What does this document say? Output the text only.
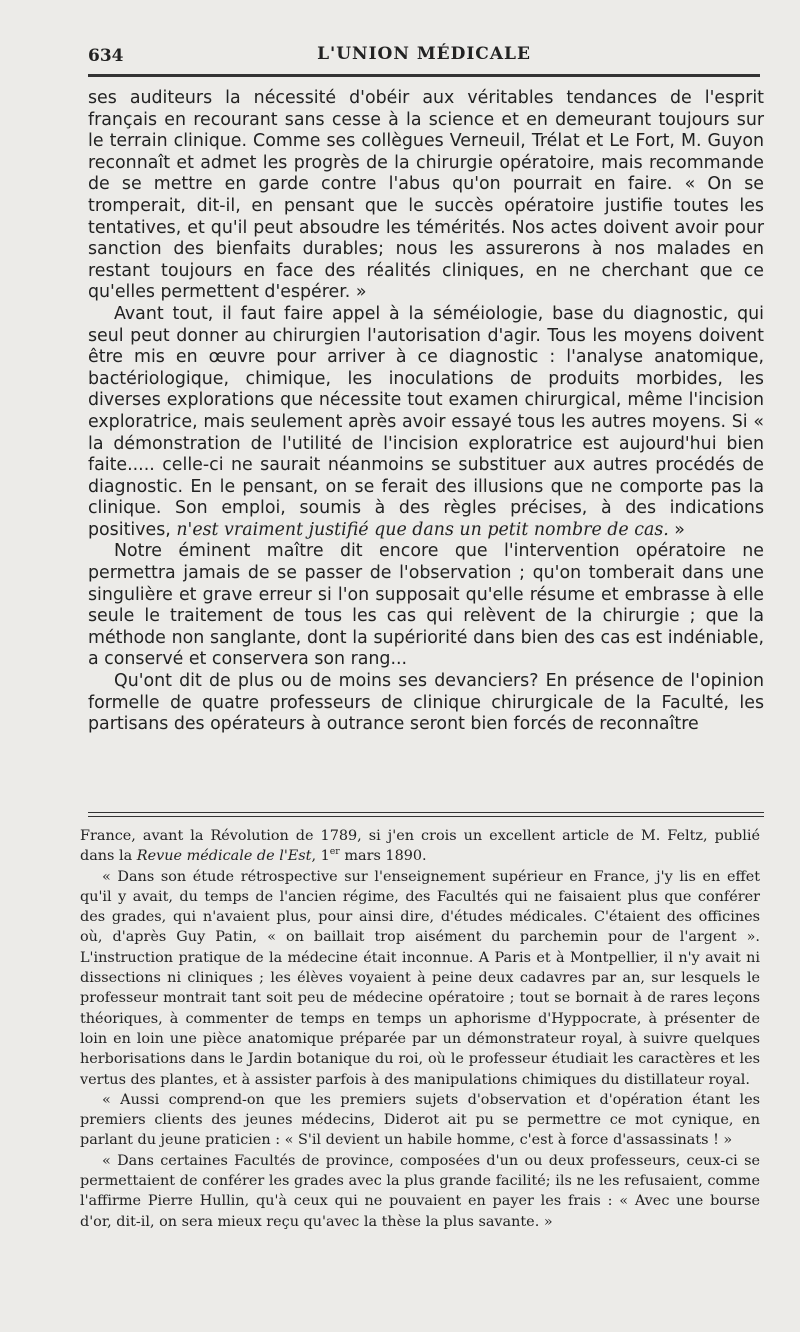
634	L'UNION MÉDICALE

ses auditeurs la nécessité d'obéir aux véritables tendances de l'esprit français en recourant sans cesse à la science et en demeurant toujours sur le terrain clinique. Comme ses collègues Verneuil, Trélat et Le Fort, M. Guyon reconnaît et admet les progrès de la chirurgie opératoire, mais recommande de se mettre en garde contre l'abus qu'on pourrait en faire. « On se tromperait, dit-il, en pensant que le succès opératoire justifie toutes les tentatives, et qu'il peut absoudre les témérités. Nos actes doivent avoir pour sanction des bienfaits durables; nous les assurerons à nos malades en restant toujours en face des réalités cliniques, en ne cherchant que ce qu'elles permettent d'espérer. »

Avant tout, il faut faire appel à la séméiologie, base du diagnostic, qui seul peut donner au chirurgien l'autorisation d'agir. Tous les moyens doivent être mis en œuvre pour arriver à ce diagnostic : l'analyse anatomique, bactériologique, chimique, les inoculations de produits morbides, les diverses explorations que nécessite tout examen chirurgical, même l'incision exploratrice, mais seulement après avoir essayé tous les autres moyens. Si « la démonstration de l'utilité de l'incision exploratrice est aujourd'hui bien faite..... celle-ci ne saurait néanmoins se substituer aux autres procédés de diagnostic. En le pensant, on se ferait des illusions que ne comporte pas la clinique. Son emploi, soumis à des règles précises, à des indications positives, n'est vraiment justifié que dans un petit nombre de cas. »

Notre éminent maître dit encore que l'intervention opératoire ne permettra jamais de se passer de l'observation ; qu'on tomberait dans une singulière et grave erreur si l'on supposait qu'elle résume et embrasse à elle seule le traitement de tous les cas qui relèvent de la chirurgie ; que la méthode non sanglante, dont la supériorité dans bien des cas est indéniable, a conservé et conservera son rang...

Qu'ont dit de plus ou de moins ses devanciers? En présence de l'opinion formelle de quatre professeurs de clinique chirurgicale de la Faculté, les partisans des opérateurs à outrance seront bien forcés de reconnaître

France, avant la Révolution de 1789, si j'en crois un excellent article de M. Feltz, publié dans la Revue médicale de l'Est, 1er mars 1890.

« Dans son étude rétrospective sur l'enseignement supérieur en France, j'y lis en effet qu'il y avait, du temps de l'ancien régime, des Facultés qui ne faisaient plus que conférer des grades, qui n'avaient plus, pour ainsi dire, d'études médicales. C'étaient des officines où, d'après Guy Patin, « on baillait trop aisément du parchemin pour de l'argent ». L'instruction pratique de la médecine était inconnue. A Paris et à Montpellier, il n'y avait ni dissections ni cliniques ; les élèves voyaient à peine deux cadavres par an, sur lesquels le professeur montrait tant soit peu de médecine opératoire ; tout se bornait à de rares leçons théoriques, à commenter de temps en temps un aphorisme d'Hyppocrate, à présenter de loin en loin une pièce anatomique préparée par un démonstrateur royal, à suivre quelques herborisations dans le Jardin botanique du roi, où le professeur étudiait les caractères et les vertus des plantes, et à assister parfois à des manipulations chimiques du distillateur royal.

« Aussi comprend-on que les premiers sujets d'observation et d'opération étant les premiers clients des jeunes médecins, Diderot ait pu se permettre ce mot cynique, en parlant du jeune praticien : « S'il devient un habile homme, c'est à force d'assassinats ! »

« Dans certaines Facultés de province, composées d'un ou deux professeurs, ceux-ci se permettaient de conférer les grades avec la plus grande facilité; ils ne les refusaient, comme l'affirme Pierre Hullin, qu'à ceux qui ne pouvaient en payer les frais : « Avec une bourse d'or, dit-il, on sera mieux reçu qu'avec la thèse la plus savante. »
